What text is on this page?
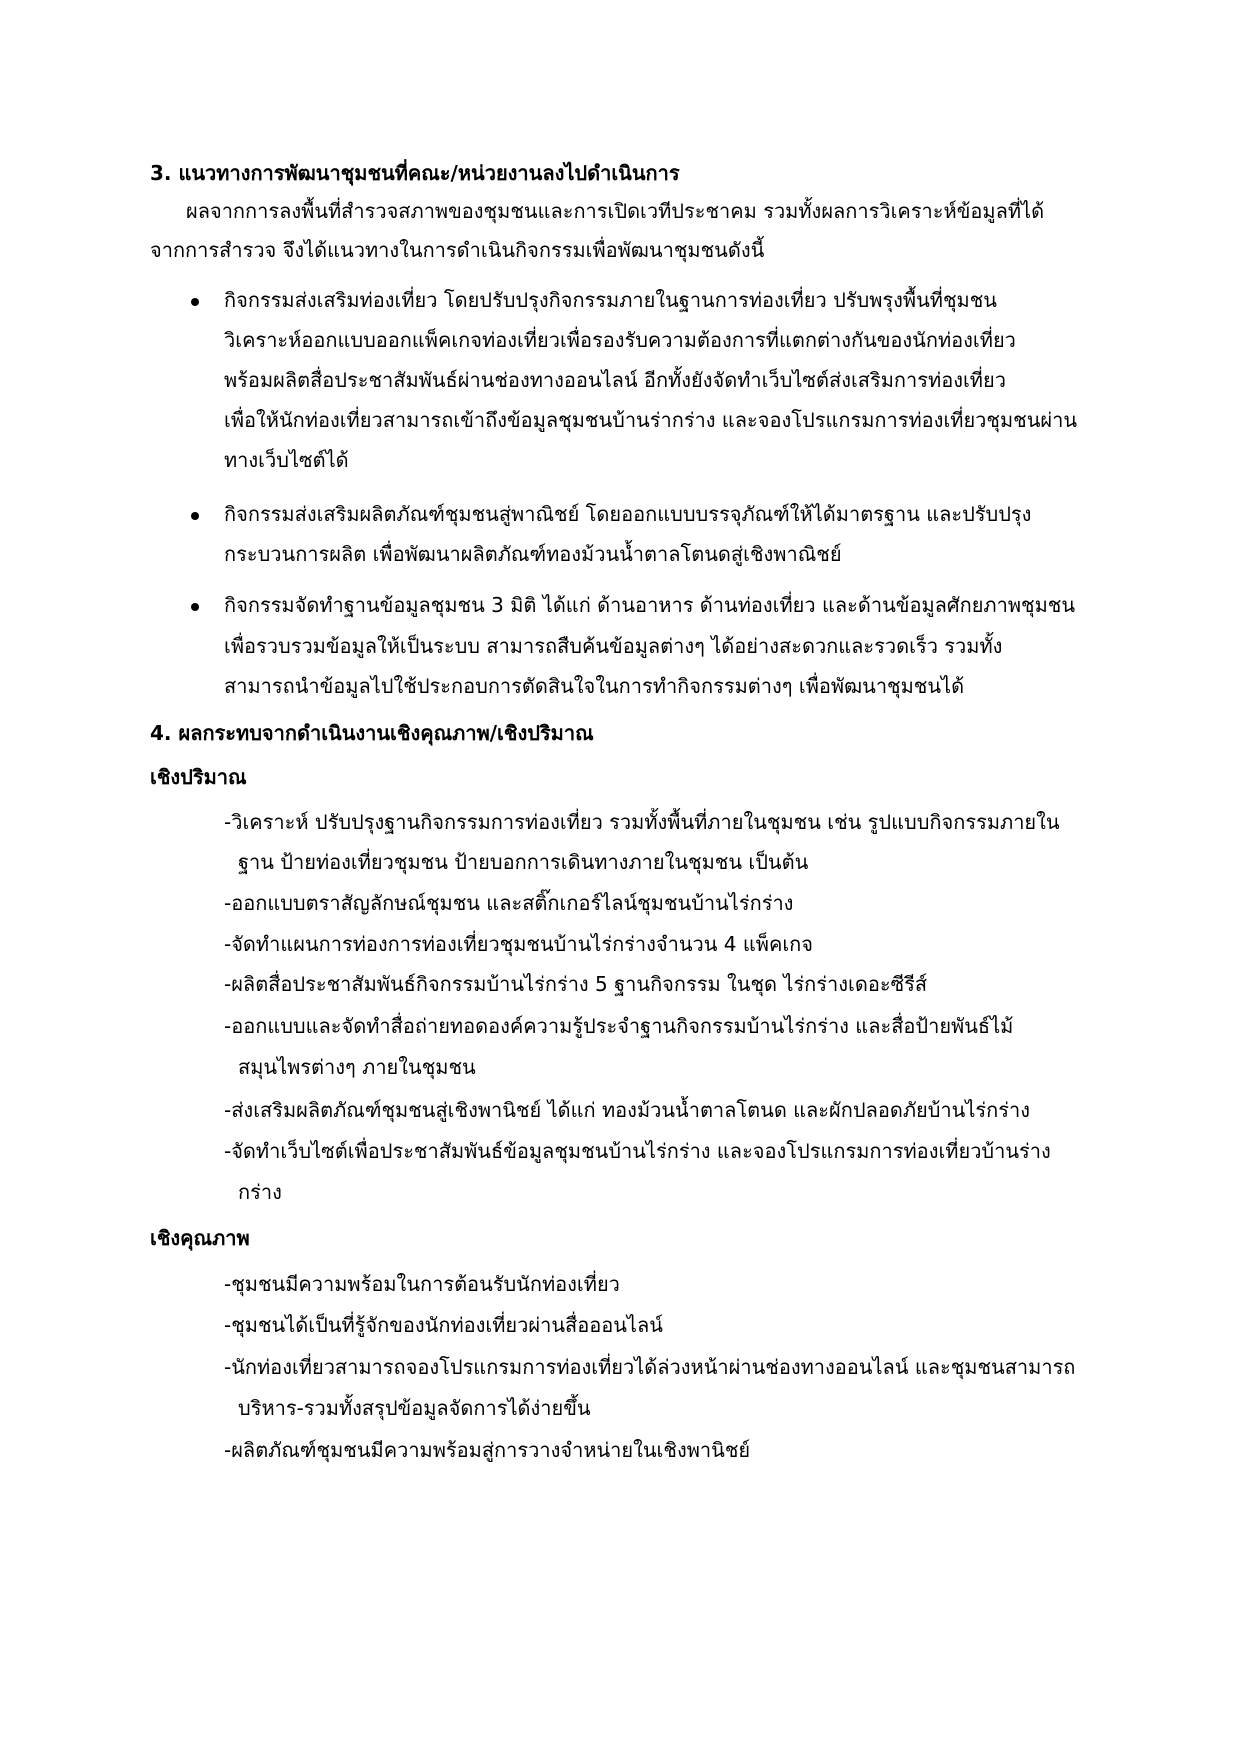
3. แนวทางการพัฒนาชุมชนที่คณะ/หน่วยงานลงไปดำเนินการ
ผลจากการลงพื้นที่สำรวจสภาพของชุมชนและการเปิดเวทีประชาคม รวมทั้งผลการวิเคราะห์ข้อมูลที่ได้
จากการสำรวจ จึงได้แนวทางในการดำเนินกิจกรรมเพื่อพัฒนาชุมชนดังนี้
กิจกรรมส่งเสริมท่องเที่ยว โดยปรับปรุงกิจกรรมภายในฐานการท่องเที่ยว ปรับพรุงพื้นที่ชุมชน
วิเคราะห์ออกแบบออกแพ็คเกจท่องเที่ยวเพื่อรองรับความต้องการที่แตกต่างกันของนักท่องเที่ยว
พร้อมผลิตสื่อประชาสัมพันธ์ผ่านช่องทางออนไลน์ อีกทั้งยังจัดทำเว็บไซต์ส่งเสริมการท่องเที่ยว
เพื่อให้นักท่องเที่ยวสามารถเข้าถึงข้อมูลชุมชนบ้านร่ากร่าง และจองโปรแกรมการท่องเที่ยวชุมชนผ่าน
ทางเว็บไซต์ได้
กิจกรรมส่งเสริมผลิตภัณฑ์ชุมชนสู่พาณิชย์ โดยออกแบบบรรจุภัณฑ์ให้ได้มาตรฐาน และปรับปรุง
กระบวนการผลิต เพื่อพัฒนาผลิตภัณฑ์ทองม้วนน้ำตาลโตนดสู่เชิงพาณิชย์
กิจกรรมจัดทำฐานข้อมูลชุมชน 3 มิติ ได้แก่ ด้านอาหาร ด้านท่องเที่ยว และด้านข้อมูลศักยภาพชุมชน
เพื่อรวบรวมข้อมูลให้เป็นระบบ สามารถสืบค้นข้อมูลต่างๆ ได้อย่างสะดวกและรวดเร็ว รวมทั้ง
สามารถนำข้อมูลไปใช้ประกอบการตัดสินใจในการทำกิจกรรมต่างๆ เพื่อพัฒนาชุมชนได้
4. ผลกระทบจากดำเนินงานเชิงคุณภาพ/เชิงปริมาณ
เชิงปริมาณ
-วิเคราะห์ ปรับปรุงฐานกิจกรรมการท่องเที่ยว รวมทั้งพื้นที่ภายในชุมชน เช่น รูปแบบกิจกรรมภายใน
ฐาน ป้ายท่องเที่ยวชุมชน ป้ายบอกการเดินทางภายในชุมชน เป็นต้น
-ออกแบบตราสัญลักษณ์ชุมชน และสติ๊กเกอร์ไลน์ชุมชนบ้านไร่กร่าง
-จัดทำแผนการท่องการท่องเที่ยวชุมชนบ้านไร่กร่างจำนวน 4 แพ็คเกจ
-ผลิตสื่อประชาสัมพันธ์กิจกรรมบ้านไร่กร่าง 5 ฐานกิจกรรม ในชุด ไร่กร่างเดอะซีรีส์
-ออกแบบและจัดทำสื่อถ่ายทอดองค์ความรู้ประจำฐานกิจกรรมบ้านไร่กร่าง และสื่อป้ายพันธ์ไม้
สมุนไพรต่างๆ ภายในชุมชน
-ส่งเสริมผลิตภัณฑ์ชุมชนสู่เชิงพานิชย์ ได้แก่ ทองม้วนน้ำตาลโตนด และผักปลอดภัยบ้านไร่กร่าง
-จัดทำเว็บไซต์เพื่อประชาสัมพันธ์ข้อมูลชุมชนบ้านไร่กร่าง และจองโปรแกรมการท่องเที่ยวบ้านร่าง
กร่าง
เชิงคุณภาพ
-ชุมชนมีความพร้อมในการต้อนรับนักท่องเที่ยว
-ชุมชนได้เป็นที่รู้จักของนักท่องเที่ยวผ่านสื่อออนไลน์
-นักท่องเที่ยวสามารถจองโปรแกรมการท่องเที่ยวได้ล่วงหน้าผ่านช่องทางออนไลน์ และชุมชนสามารถ
บริหาร-รวมทั้งสรุปข้อมูลจัดการได้ง่ายขึ้น
-ผลิตภัณฑ์ชุมชนมีความพร้อมสู่การวางจำหน่ายในเชิงพานิชย์
